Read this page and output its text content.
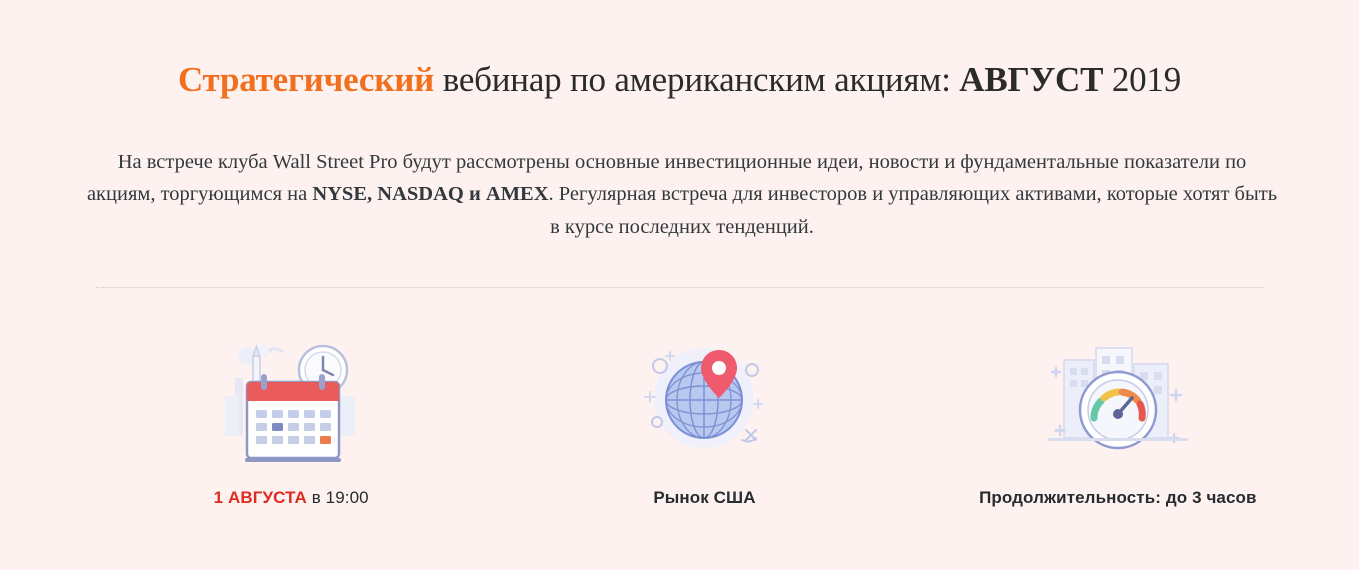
Стратегический вебинар по американским акциям: АВГУСТ 2019

На встрече клуба Wall Street Pro будут рассмотрены основные инвестиционные идеи, новости и фундаментальные показатели по акциям, торгующимся на NYSE, NASDAQ и AMEX. Регулярная встреча для инвесторов и управляющих активами, которые хотят быть в курсе последних тенденций.

1 АВГУСТА в 19:00	Рынок США	Продолжительность: до 3 часов
